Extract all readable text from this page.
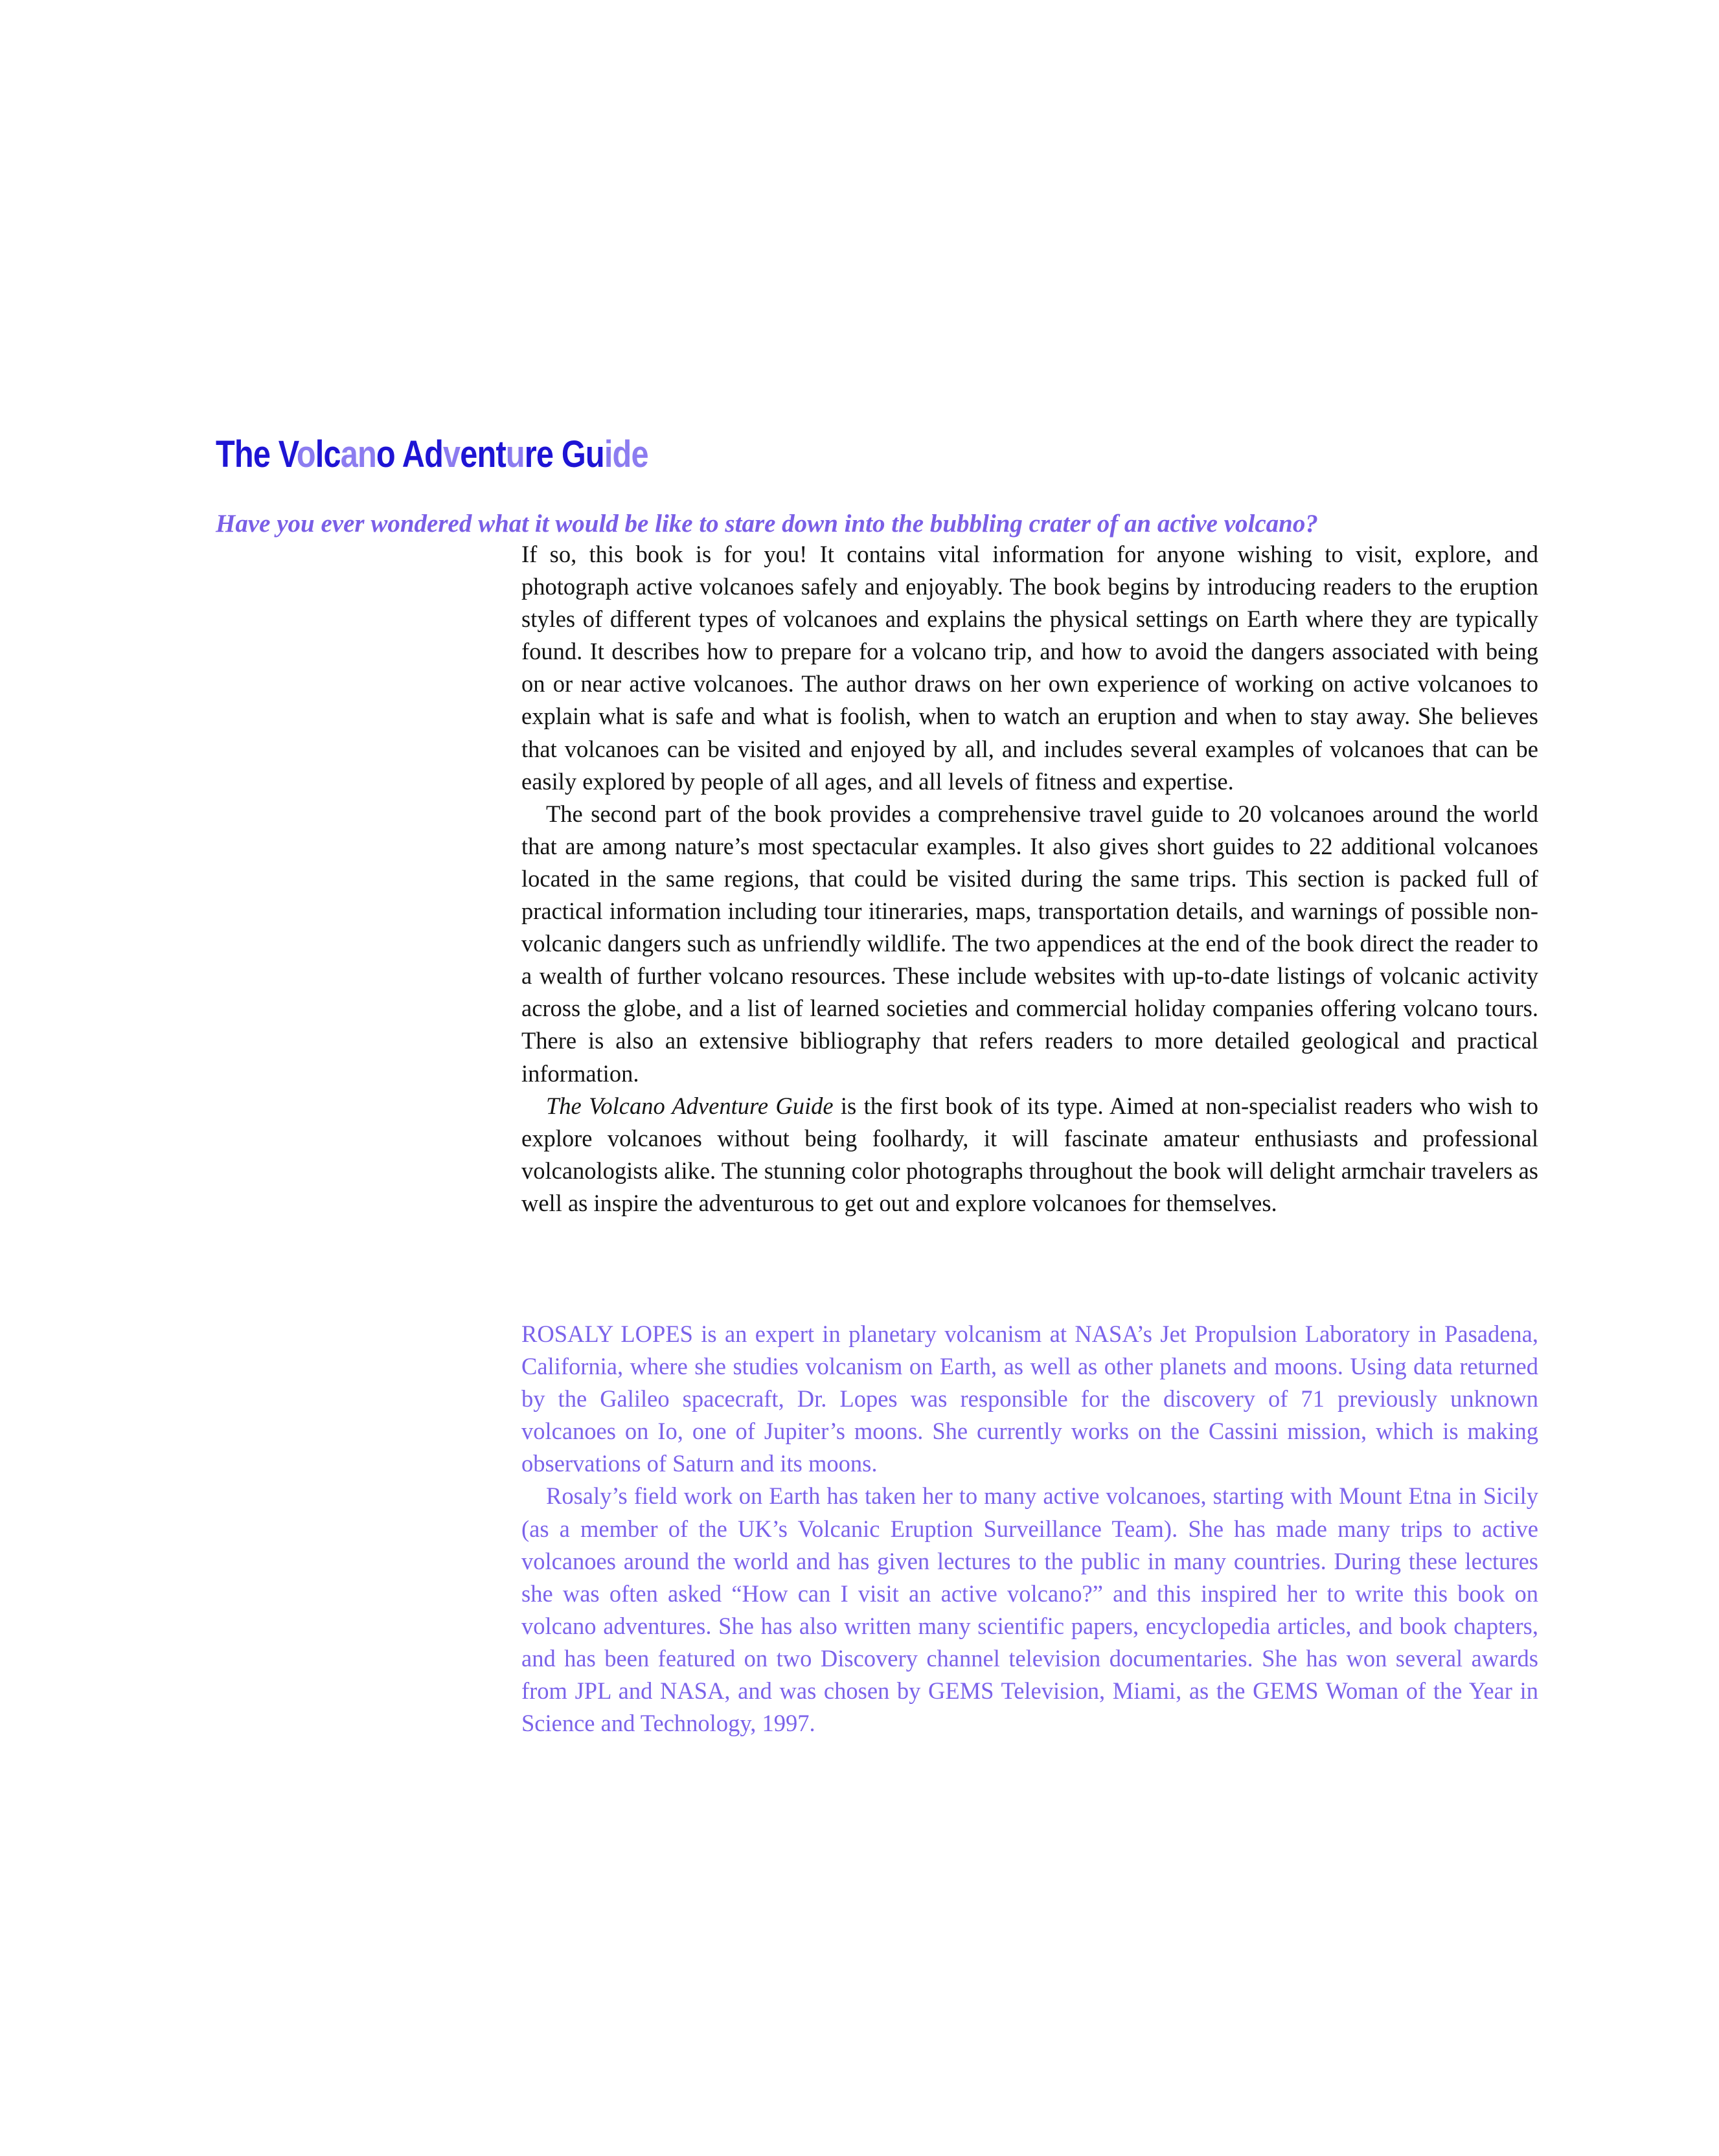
The Volcano Adventure Guide

Have you ever wondered what it would be like to stare down into the bubbling crater of an active volcano?

If so, this book is for you! It contains vital information for anyone wishing to visit, explore, and photograph active volcanoes safely and enjoyably. The book begins by introducing readers to the eruption styles of different types of volcanoes and explains the physical settings on Earth where they are typically found. It describes how to prepare for a volcano trip, and how to avoid the dangers associated with being on or near active volcanoes. The author draws on her own experience of working on active volcanoes to explain what is safe and what is foolish, when to watch an eruption and when to stay away. She believes that volcanoes can be visited and enjoyed by all, and includes several examples of volcanoes that can be easily explored by people of all ages, and all levels of fitness and expertise.

The second part of the book provides a comprehensive travel guide to 20 volcanoes around the world that are among nature’s most spectacular examples. It also gives short guides to 22 additional volcanoes located in the same regions, that could be visited during the same trips. This section is packed full of practical information including tour itineraries, maps, transportation details, and warnings of possible non-volcanic dangers such as unfriendly wildlife. The two appendices at the end of the book direct the reader to a wealth of further volcano resources. These include websites with up-to-date listings of volcanic activity across the globe, and a list of learned societies and commercial holiday companies offering volcano tours. There is also an extensive bibliography that refers readers to more detailed geological and practical information.

The Volcano Adventure Guide is the first book of its type. Aimed at non-specialist readers who wish to explore volcanoes without being foolhardy, it will fascinate amateur enthusiasts and professional volcanologists alike. The stunning color photographs throughout the book will delight armchair travelers as well as inspire the adventurous to get out and explore volcanoes for themselves.

ROSALY LOPES is an expert in planetary volcanism at NASA’s Jet Propulsion Laboratory in Pasadena, California, where she studies volcanism on Earth, as well as other planets and moons. Using data returned by the Galileo spacecraft, Dr. Lopes was responsible for the discovery of 71 previously unknown volcanoes on Io, one of Jupiter’s moons. She currently works on the Cassini mission, which is making observations of Saturn and its moons.

Rosaly’s field work on Earth has taken her to many active volcanoes, starting with Mount Etna in Sicily (as a member of the UK’s Volcanic Eruption Surveillance Team). She has made many trips to active volcanoes around the world and has given lectures to the public in many countries. During these lectures she was often asked “How can I visit an active volcano?” and this inspired her to write this book on volcano adventures. She has also written many scientific papers, encyclopedia articles, and book chapters, and has been featured on two Discovery channel television documentaries. She has won several awards from JPL and NASA, and was chosen by GEMS Television, Miami, as the GEMS Woman of the Year in Science and Technology, 1997.
